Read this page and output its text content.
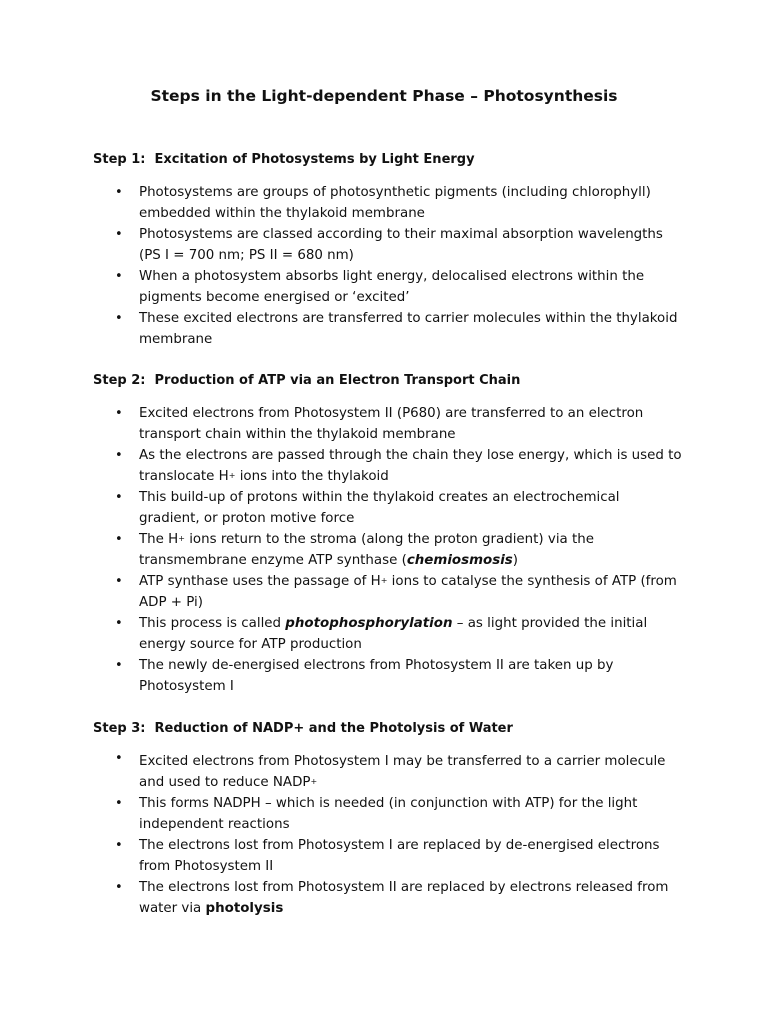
Steps in the Light-dependent Phase – Photosynthesis
Step 1:  Excitation of Photosystems by Light Energy
• Photosystems are groups of photosynthetic pigments (including chlorophyll) embedded within the thylakoid membrane
• Photosystems are classed according to their maximal absorption wavelengths (PS I = 700 nm; PS II = 680 nm)
• When a photosystem absorbs light energy, delocalised electrons within the pigments become energised or ‘excited’
• These excited electrons are transferred to carrier molecules within the thylakoid membrane
Step 2:  Production of ATP via an Electron Transport Chain
• Excited electrons from Photosystem II (P680) are transferred to an electron transport chain within the thylakoid membrane
• As the electrons are passed through the chain they lose energy, which is used to translocate H+ ions into the thylakoid
• This build-up of protons within the thylakoid creates an electrochemical gradient, or proton motive force
• The H+ ions return to the stroma (along the proton gradient) via the transmembrane enzyme ATP synthase (chemiosmosis)
• ATP synthase uses the passage of H+ ions to catalyse the synthesis of ATP (from ADP + Pi)
• This process is called photophosphorylation – as light provided the initial energy source for ATP production
• The newly de-energised electrons from Photosystem II are taken up by Photosystem I
Step 3:  Reduction of NADP+ and the Photolysis of Water
• Excited electrons from Photosystem I may be transferred to a carrier molecule and used to reduce NADP+
• This forms NADPH – which is needed (in conjunction with ATP) for the light independent reactions
• The electrons lost from Photosystem I are replaced by de-energised electrons from Photosystem II
• The electrons lost from Photosystem II are replaced by electrons released from water via photolysis
